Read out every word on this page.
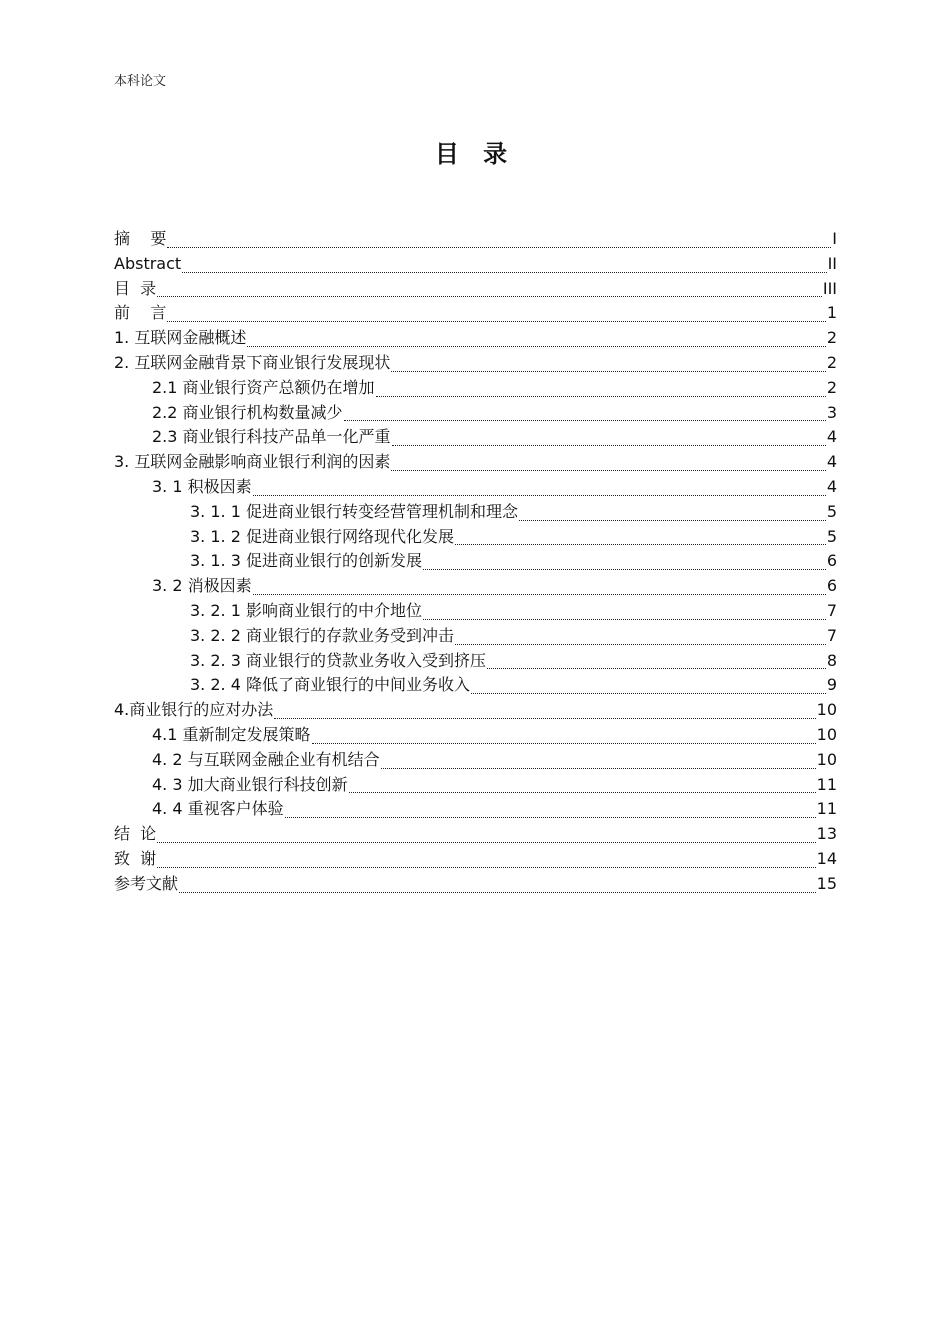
本科论文
目 录
摘    要	I
Abstract	II
目  录	III
前    言	1
1. 互联网金融概述	2
2. 互联网金融背景下商业银行发展现状	2
2.1 商业银行资产总额仍在增加	2
2.2 商业银行机构数量减少	3
2.3 商业银行科技产品单一化严重	4
3. 互联网金融影响商业银行利润的因素	4
3. 1 积极因素	4
3. 1. 1 促进商业银行转变经营管理机制和理念	5
3. 1. 2 促进商业银行网络现代化发展	5
3. 1. 3 促进商业银行的创新发展	6
3. 2 消极因素	6
3. 2. 1 影响商业银行的中介地位	7
3. 2. 2 商业银行的存款业务受到冲击	7
3. 2. 3 商业银行的贷款业务收入受到挤压	8
3. 2. 4 降低了商业银行的中间业务收入	9
4.商业银行的应对办法	10
4.1 重新制定发展策略	10
4. 2 与互联网金融企业有机结合	10
4. 3 加大商业银行科技创新	11
4. 4 重视客户体验	11
结  论	13
致  谢	14
参考文献	15
